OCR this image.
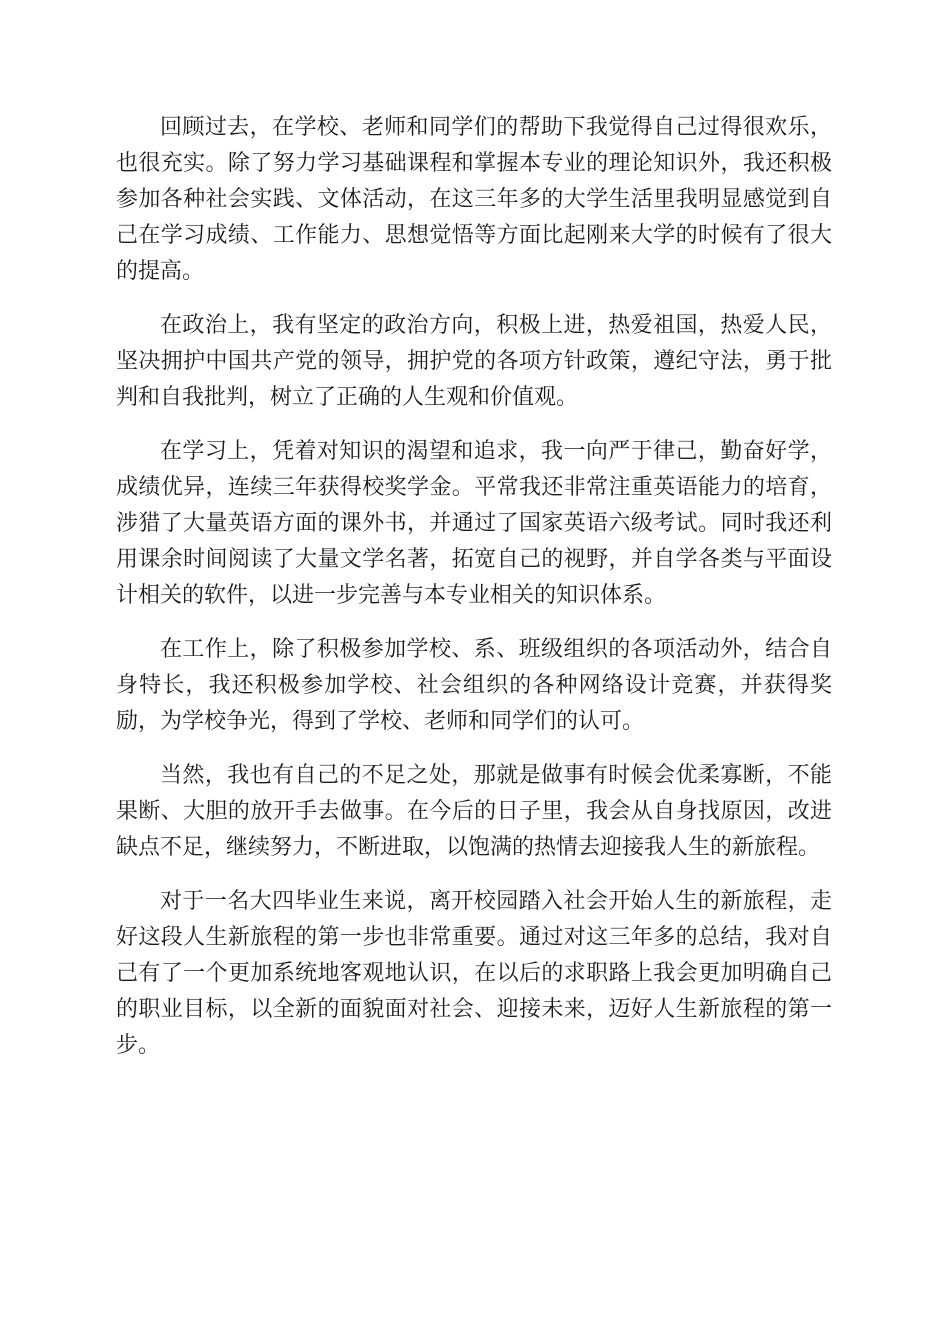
回顾过去，在学校、老师和同学们的帮助下我觉得自己过得很欢乐，也很充实。除了努力学习基础课程和掌握本专业的理论知识外，我还积极参加各种社会实践、文体活动，在这三年多的大学生活里我明显感觉到自己在学习成绩、工作能力、思想觉悟等方面比起刚来大学的时候有了很大的提高。

在政治上，我有坚定的政治方向，积极上进，热爱祖国，热爱人民，坚决拥护中国共产党的领导，拥护党的各项方针政策，遵纪守法，勇于批判和自我批判，树立了正确的人生观和价值观。

在学习上，凭着对知识的渴望和追求，我一向严于律己，勤奋好学，成绩优异，连续三年获得校奖学金。平常我还非常注重英语能力的培育，涉猎了大量英语方面的课外书，并通过了国家英语六级考试。同时我还利用课余时间阅读了大量文学名著，拓宽自己的视野，并自学各类与平面设计相关的软件，以进一步完善与本专业相关的知识体系。

在工作上，除了积极参加学校、系、班级组织的各项活动外，结合自身特长，我还积极参加学校、社会组织的各种网络设计竞赛，并获得奖励，为学校争光，得到了学校、老师和同学们的认可。

当然，我也有自己的不足之处，那就是做事有时候会优柔寡断，不能果断、大胆的放开手去做事。在今后的日子里，我会从自身找原因，改进缺点不足，继续努力，不断进取，以饱满的热情去迎接我人生的新旅程。

对于一名大四毕业生来说，离开校园踏入社会开始人生的新旅程，走好这段人生新旅程的第一步也非常重要。通过对这三年多的总结，我对自己有了一个更加系统地客观地认识，在以后的求职路上我会更加明确自己的职业目标，以全新的面貌面对社会、迎接未来，迈好人生新旅程的第一步。
